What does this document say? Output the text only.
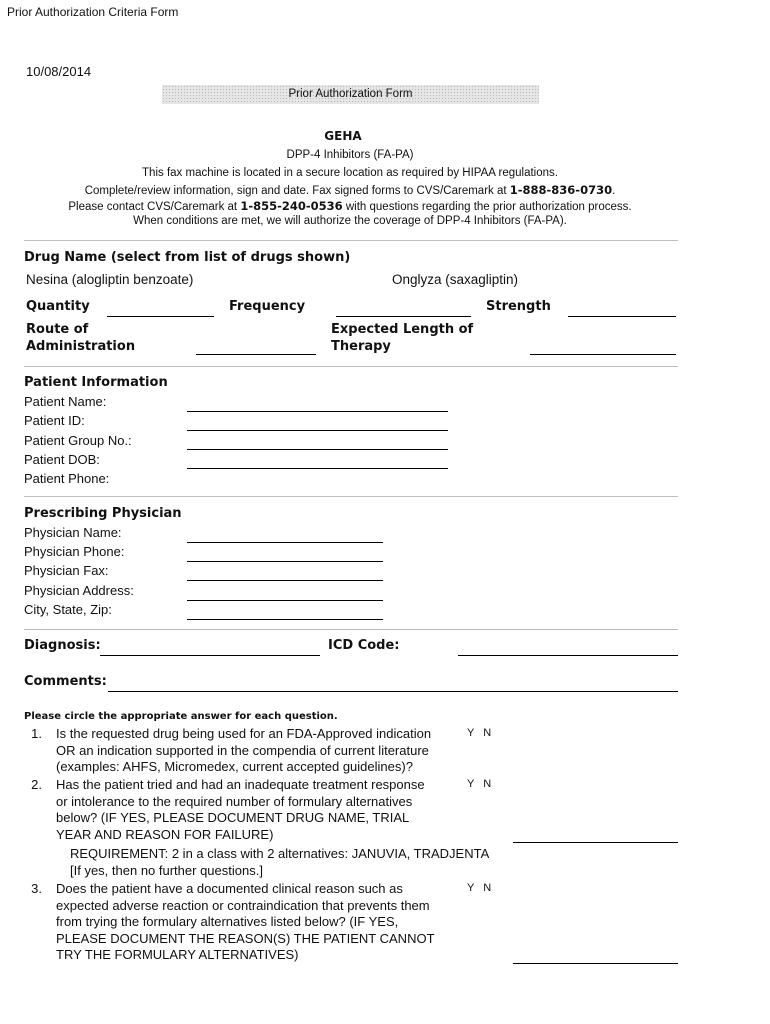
Prior Authorization Criteria Form
10/08/2014
Prior Authorization Form
GEHA
DPP-4 Inhibitors (FA-PA)
This fax machine is located in a secure location as required by HIPAA regulations.
Complete/review information, sign and date. Fax signed forms to CVS/Caremark at 1-888-836-0730.
Please contact CVS/Caremark at 1-855-240-0536 with questions regarding the prior authorization process.
When conditions are met, we will authorize the coverage of DPP-4 Inhibitors (FA-PA).
Drug Name (select from list of drugs shown)
Nesina (alogliptin benzoate)	Onglyza (saxagliptin)
Quantity	Frequency	Strength
Route of
Administration
Expected Length of
Therapy
Patient Information
Patient Name:
Patient ID:
Patient Group No.:
Patient DOB:
Patient Phone:
Prescribing Physician
Physician Name:
Physician Phone:
Physician Fax:
Physician Address:
City, State, Zip:
Diagnosis:	ICD Code:
Comments:
Please circle the appropriate answer for each question.
1. Is the requested drug being used for an FDA-Approved indication
OR an indication supported in the compendia of current literature
(examples: AHFS, Micromedex, current accepted guidelines)?
Y   N
2. Has the patient tried and had an inadequate treatment response
or intolerance to the required number of formulary alternatives
below? (IF YES, PLEASE DOCUMENT DRUG NAME, TRIAL
YEAR AND REASON FOR FAILURE)
Y   N
REQUIREMENT: 2 in a class with 2 alternatives: JANUVIA, TRADJENTA
[If yes, then no further questions.]
3. Does the patient have a documented clinical reason such as
expected adverse reaction or contraindication that prevents them
from trying the formulary alternatives listed below? (IF YES,
PLEASE DOCUMENT THE REASON(S) THE PATIENT CANNOT
TRY THE FORMULARY ALTERNATIVES)
Y   N
